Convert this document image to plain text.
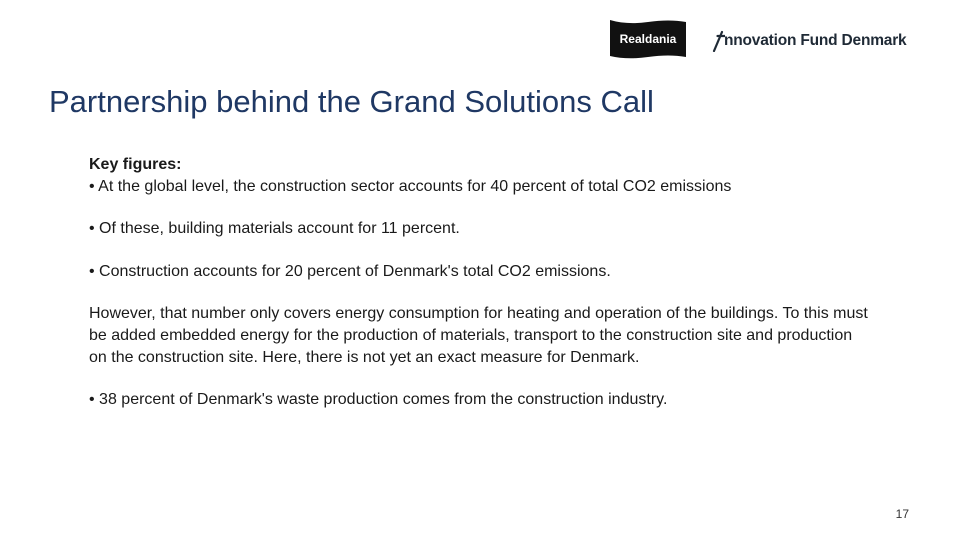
Realdania	nnovation Fund Denmark
Partnership behind the Grand Solutions Call

Key figures:

• At the global level, the construction sector accounts for 40 percent of total CO2 emissions

• Of these, building materials account for 11 percent.

• Construction accounts for 20 percent of Denmark's total CO2 emissions.

However, that number only covers energy consumption for heating and operation of the buildings. To this must be added embedded energy for the production of materials, transport to the construction site and production on the construction site. Here, there is not yet an exact measure for Denmark.

• 38 percent of Denmark's waste production comes from the construction industry.

17
